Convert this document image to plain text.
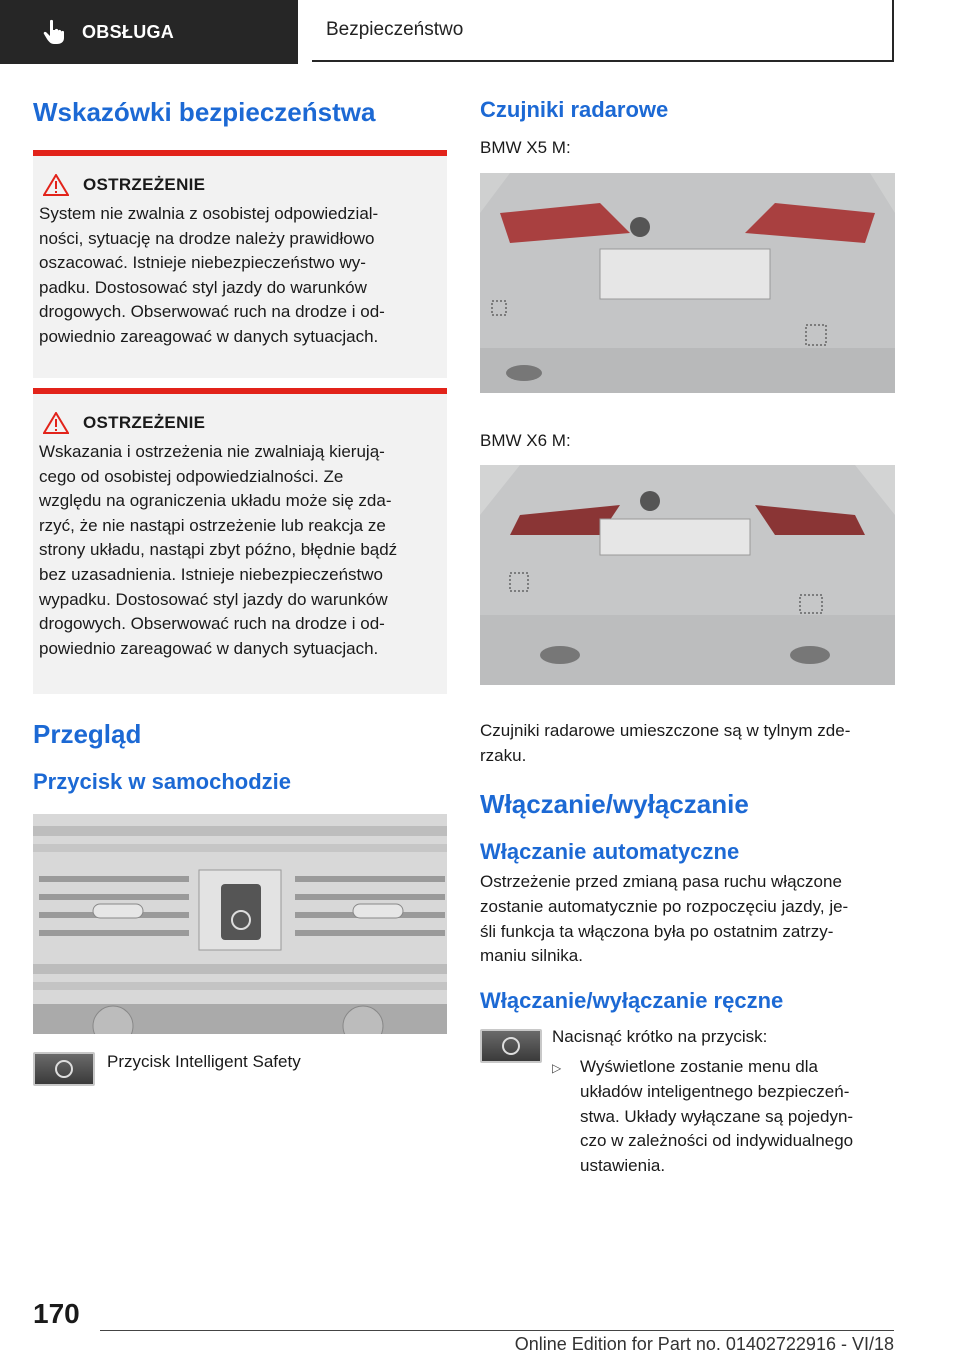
OBSŁUGA	Bezpieczeństwo
Wskazówki bezpieczeństwa
OSTRZEŻENIE
System nie zwalnia z osobistej odpowiedzial-
ności, sytuację na drodze należy prawidłowo
oszacować. Istnieje niebezpieczeństwo wy-
padku. Dostosować styl jazdy do warunków
drogowych. Obserwować ruch na drodze i od-
powiednio zareagować w danych sytuacjach.
OSTRZEŻENIE
Wskazania i ostrzeżenia nie zwalniają kierują-
cego od osobistej odpowiedzialności. Ze
względu na ograniczenia układu może się zda-
rzyć, że nie nastąpi ostrzeżenie lub reakcja ze
strony układu, nastąpi zbyt późno, błędnie bądź
bez uzasadnienia. Istnieje niebezpieczeństwo
wypadku. Dostosować styl jazdy do warunków
drogowych. Obserwować ruch na drodze i od-
powiednio zareagować w danych sytuacjach.
Przegląd
Przycisk w samochodzie
Przycisk Intelligent Safety
Czujniki radarowe
BMW X5 M:
BMW X6 M:
Czujniki radarowe umieszczone są w tylnym zde-
rzaku.
Włączanie/wyłączanie
Włączanie automatyczne
Ostrzeżenie przed zmianą pasa ruchu włączone
zostanie automatycznie po rozpoczęciu jazdy, je-
śli funkcja ta włączona była po ostatnim zatrzy-
maniu silnika.
Włączanie/wyłączanie ręczne
Nacisnąć krótko na przycisk:
▷	Wyświetlone zostanie menu dla
układów inteligentnego bezpieczeń-
stwa. Układy wyłączane są pojedyn-
czo w zależności od indywidualnego
ustawienia.
170
Online Edition for Part no. 01402722916 - VI/18
